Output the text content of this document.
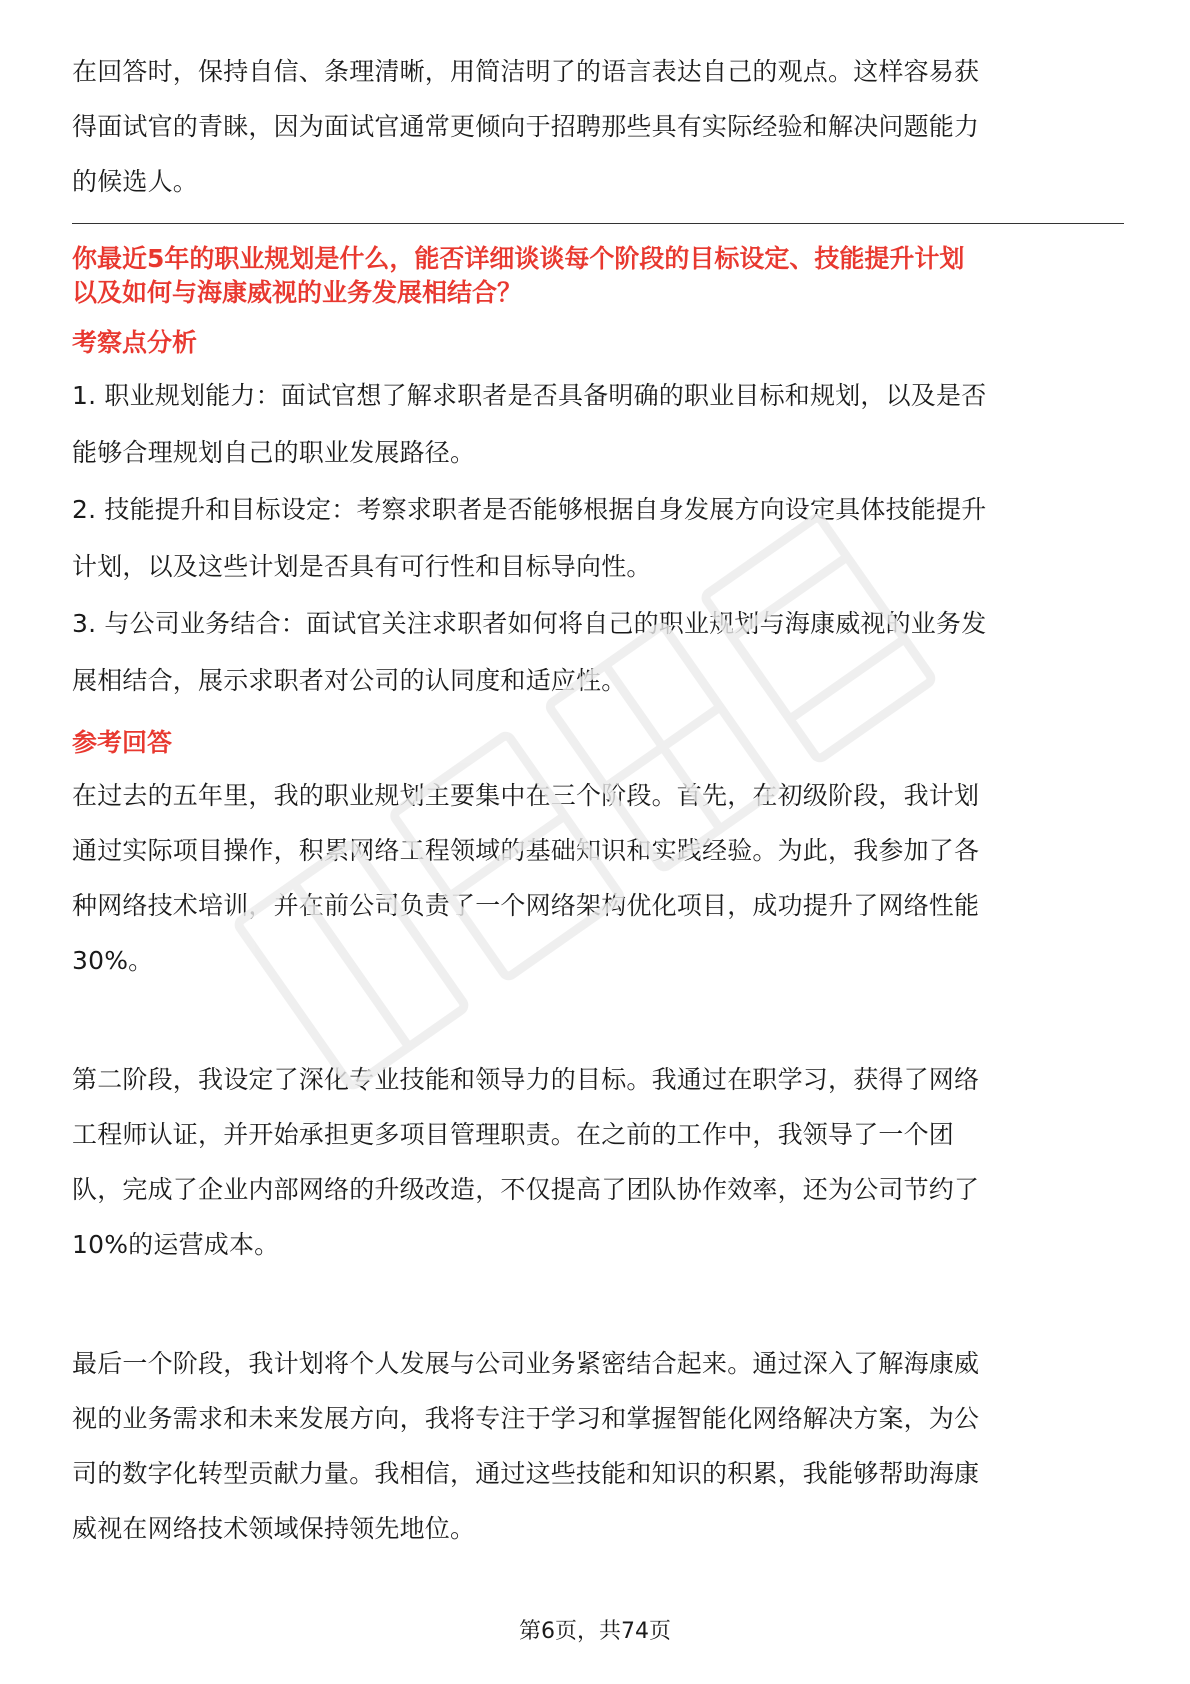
在回答时，保持自信、条理清晰，用简洁明了的语言表达自己的观点。这样容易获

得面试官的青睐，因为面试官通常更倾向于招聘那些具有实际经验和解决问题能力

的候选人。

你最近5年的职业规划是什么，能否详细谈谈每个阶段的目标设定、技能提升计划

以及如何与海康威视的业务发展相结合？

考察点分析

1. 职业规划能力：面试官想了解求职者是否具备明确的职业目标和规划，以及是否

能够合理规划自己的职业发展路径。

2. 技能提升和目标设定：考察求职者是否能够根据自身发展方向设定具体技能提升

计划，以及这些计划是否具有可行性和目标导向性。

3. 与公司业务结合：面试官关注求职者如何将自己的职业规划与海康威视的业务发

展相结合，展示求职者对公司的认同度和适应性。

参考回答

在过去的五年里，我的职业规划主要集中在三个阶段。首先，在初级阶段，我计划

通过实际项目操作，积累网络工程领域的基础知识和实践经验。为此，我参加了各

种网络技术培训，并在前公司负责了一个网络架构优化项目，成功提升了网络性能

30%。

第二阶段，我设定了深化专业技能和领导力的目标。我通过在职学习，获得了网络

工程师认证，并开始承担更多项目管理职责。在之前的工作中，我领导了一个团

队，完成了企业内部网络的升级改造，不仅提高了团队协作效率，还为公司节约了

10%的运营成本。

最后一个阶段，我计划将个人发展与公司业务紧密结合起来。通过深入了解海康威

视的业务需求和未来发展方向，我将专注于学习和掌握智能化网络解决方案，为公

司的数字化转型贡献力量。我相信，通过这些技能和知识的积累，我能够帮助海康

威视在网络技术领域保持领先地位。

第6页，共74页
